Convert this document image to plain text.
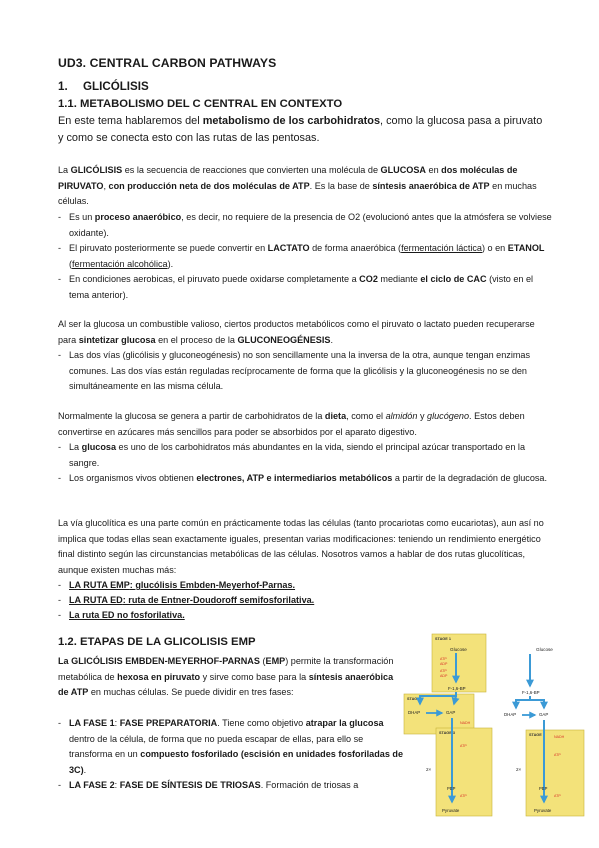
UD3. CENTRAL CARBON PATHWAYS
1. GLICÓLISIS
1.1. METABOLISMO DEL C CENTRAL EN CONTEXTO
En este tema hablaremos del metabolismo de los carbohidratos, como la glucosa pasa a piruvato y como se conecta esto con las rutas de las pentosas.
La GLICÓLISIS es la secuencia de reacciones que convierten una molécula de GLUCOSA en dos moléculas de PIRUVATO, con producción neta de dos moléculas de ATP. Es la base de síntesis anaeróbica de ATP en muchas células.
- Es un proceso anaeróbico, es decir, no requiere de la presencia de O2 (evolucionó antes que la atmósfera se volviese oxidante).
- El piruvato posteriormente se puede convertir en LACTATO de forma anaeróbica (fermentación láctica) o en ETANOL (fermentación alcohólica).
- En condiciones aerobicas, el piruvato puede oxidarse completamente a CO2 mediante el ciclo de CAC (visto en el tema anterior).
Al ser la glucosa un combustible valioso, ciertos productos metabólicos como el piruvato o lactato pueden recuperarse para sintetizar glucosa en el proceso de la GLUCONEOGÉNESIS.
- Las dos vías (glicólisis y gluconeogénesis) no son sencillamente una la inversa de la otra, aunque tengan enzimas comunes. Las dos vías están reguladas recíprocamente de forma que la glicólisis y la gluconeogénesis no se den simultáneamente en las misma célula.
Normalmente la glucosa se genera a partir de carbohidratos de la dieta, como el almidón y glucógeno. Estos deben convertirse en azúcares más sencillos para poder se absorbidos por el aparato digestivo.
- La glucosa es uno de los carbohidratos más abundantes en la vida, siendo el principal azúcar transportado en la sangre.
- Los organismos vivos obtienen electrones, ATP e intermediarios metabólicos a partir de la degradación de glucosa.
La vía glucolítica es una parte común en prácticamente todas las células (tanto procariotas como eucariotas), aun así no implica que todas ellas sean exactamente iguales, presentan varias modificaciones: teniendo un rendimiento energético final distinto según las circunstancias metabólicas de las células. Nosotros vamos a hablar de dos rutas glucolíticas, aunque existen muchas más:
- LA RUTA EMP: glucólisis Embden-Meyerhof-Parnas.
- LA RUTA ED: ruta de Entner-Doudoroff semifosforilativa.
- La ruta ED no fosforilativa.
1.2. ETAPAS DE LA GLICOLISIS EMP
La GLICÓLISIS EMBDEN-MEYERHOF-PARNAS (EMP) permite la transformación metabólica de hexosa en piruvato y sirve como base para la síntesis anaeróbica de ATP en muchas células. Se puede dividir en tres fases:
- LA FASE 1: FASE PREPARATORIA. Tiene como objetivo atrapar la glucosa dentro de la célula, de forma que no pueda escapar de ellas, para ello se transforma en un compuesto fosforilado (escisión en unidades fosforiladas de 3C).
- LA FASE 2: FASE DE SÍNTESIS DE TRIOSAS. Formación de triosas a
STAGE 1
STAGE 2
STAGE 3
Glucose
ATP
ADP
ATP
ADP
F-1,6-BP
DHAP	GAP
NADH
ATP
2×
PEP
ATP
Pyruvate
Glucose
F-1,6-BP
DHAP	GAP
STAGE 3	NADH
ATP
2×
PEP
ATP
Pyruvate
